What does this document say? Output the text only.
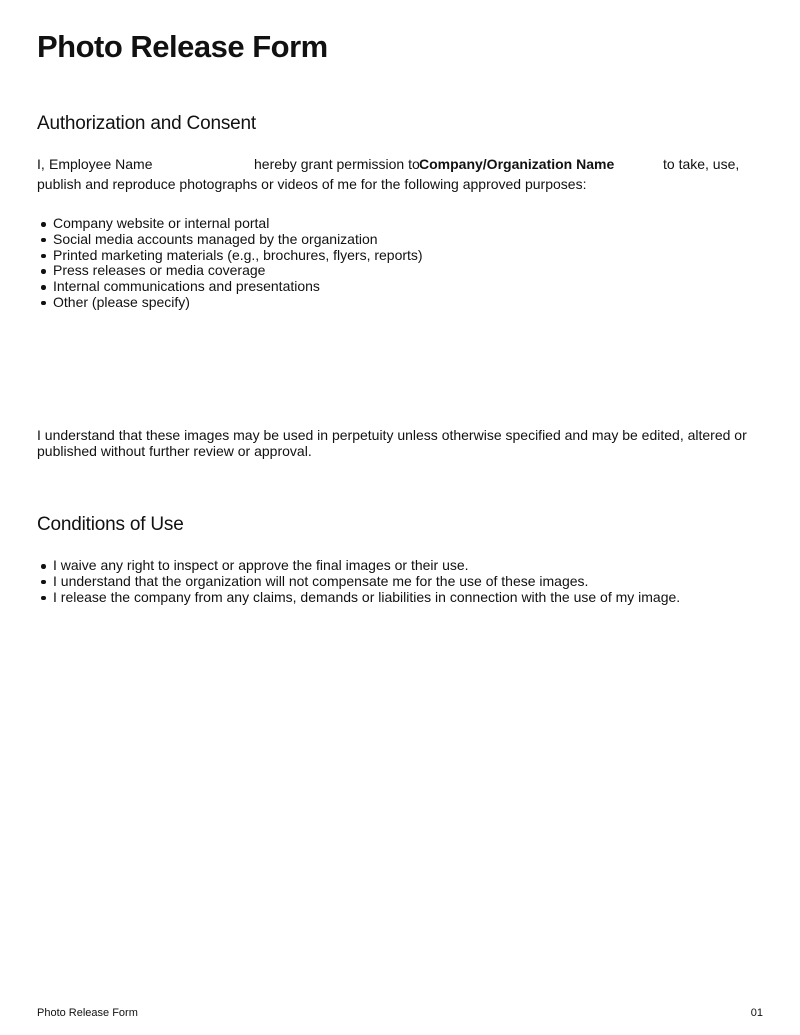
Photo Release Form
Authorization and Consent
I, Employee Name	hereby grant permission to Company/Organization Name	to take, use,
publish and reproduce photographs or videos of me for the following approved purposes:
Company website or internal portal
Social media accounts managed by the organization
Printed marketing materials (e.g., brochures, flyers, reports)
Press releases or media coverage
Internal communications and presentations
Other (please specify)

I understand that these images may be used in perpetuity unless otherwise specified and may be edited, altered or published without further review or approval.

Conditions of Use
I waive any right to inspect or approve the final images or their use.
I understand that the organization will not compensate me for the use of these images.
I release the company from any claims, demands or liabilities in connection with the use of my image.
Photo Release Form	01
